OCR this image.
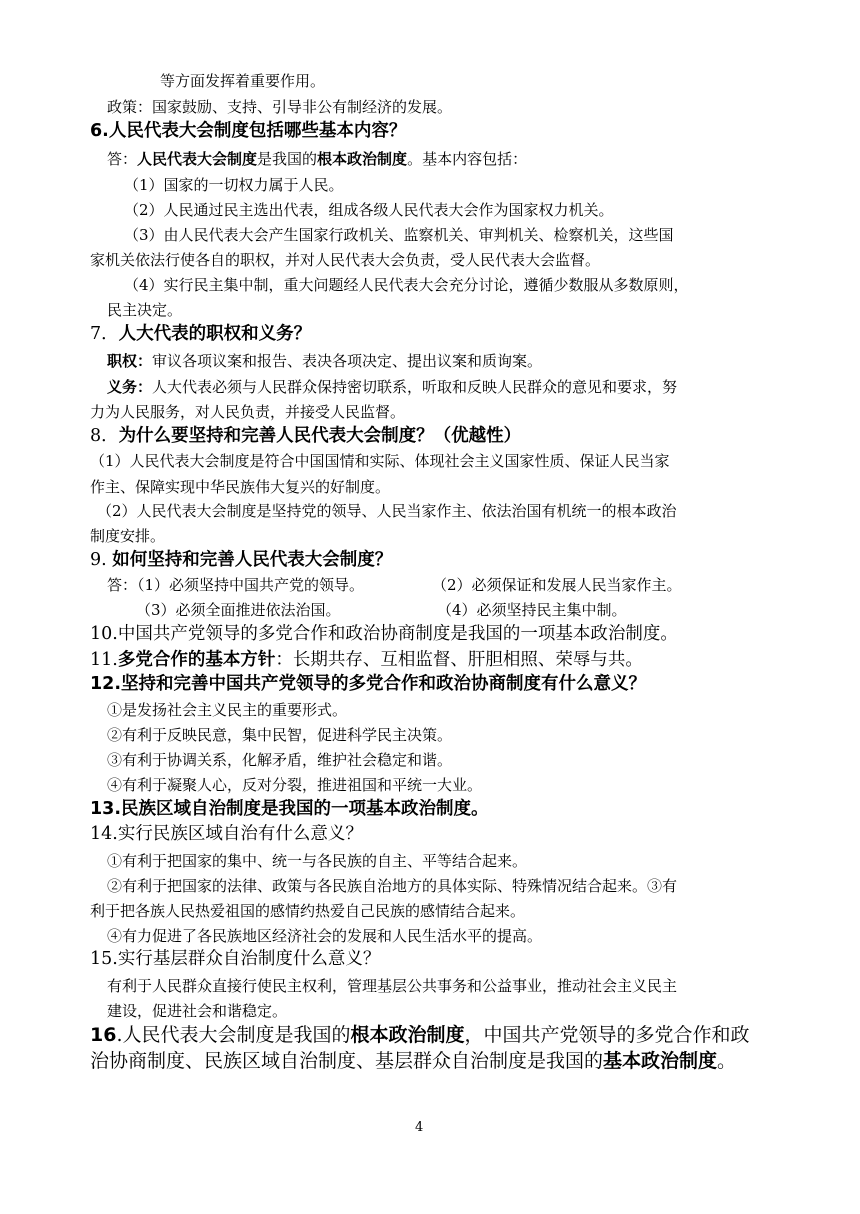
等方面发挥着重要作用。
政策：国家鼓励、支持、引导非公有制经济的发展。
6.人民代表大会制度包括哪些基本内容？
答：人民代表大会制度是我国的根本政治制度。基本内容包括：
（1）国家的一切权力属于人民。
（2）人民通过民主选出代表，组成各级人民代表大会作为国家权力机关。
（3）由人民代表大会产生国家行政机关、监察机关、审判机关、检察机关，这些国
家机关依法行使各自的职权，并对人民代表大会负责，受人民代表大会监督。
（4）实行民主集中制，重大问题经人民代表大会充分讨论，遵循少数服从多数原则，
民主决定。
7．人大代表的职权和义务？
职权：审议各项议案和报告、表决各项决定、提出议案和质询案。
义务：人大代表必须与人民群众保持密切联系，听取和反映人民群众的意见和要求，努
力为人民服务，对人民负责，并接受人民监督。
8．为什么要坚持和完善人民代表大会制度？（优越性）
（1）人民代表大会制度是符合中国国情和实际、体现社会主义国家性质、保证人民当家
作主、保障实现中华民族伟大复兴的好制度。
（2）人民代表大会制度是坚持党的领导、人民当家作主、依法治国有机统一的根本政治
制度安排。
9. 如何坚持和完善人民代表大会制度？
答：（1）必须坚持中国共产党的领导。	（2）必须保证和发展人民当家作主。
（3）必须全面推进依法治国。	（4）必须坚持民主集中制。
10.中国共产党领导的多党合作和政治协商制度是我国的一项基本政治制度。
11.多党合作的基本方针：长期共存、互相监督、肝胆相照、荣辱与共。
12.坚持和完善中国共产党领导的多党合作和政治协商制度有什么意义？
①是发扬社会主义民主的重要形式。
②有利于反映民意，集中民智，促进科学民主决策。
③有利于协调关系，化解矛盾，维护社会稳定和谐。
④有利于凝聚人心，反对分裂，推进祖国和平统一大业。
13.民族区域自治制度是我国的一项基本政治制度。
14.实行民族区域自治有什么意义？
①有利于把国家的集中、统一与各民族的自主、平等结合起来。
②有利于把国家的法律、政策与各民族自治地方的具体实际、特殊情况结合起来。③有
利于把各族人民热爱祖国的感情约热爱自己民族的感情结合起来。
④有力促进了各民族地区经济社会的发展和人民生活水平的提高。
15.实行基层群众自治制度什么意义？
有利于人民群众直接行使民主权利，管理基层公共事务和公益事业，推动社会主义民主
建设，促进社会和谐稳定。
16.人民代表大会制度是我国的根本政治制度，中国共产党领导的多党合作和政
治协商制度、民族区域自治制度、基层群众自治制度是我国的基本政治制度。
4
